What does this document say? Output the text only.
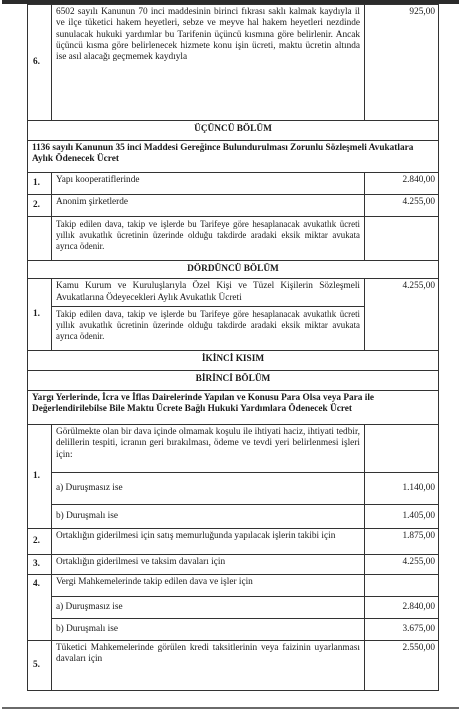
6.	6502 sayılı Kanunun 70 inci maddesinin birinci fıkrası saklı kalmak kaydıyla il ve ilçe tüketici hakem heyetleri, sebze ve meyve hal hakem heyetleri nezdinde sunulacak hukuki yardımlar bu Tarifenin üçüncü kısmına göre belirlenir. Ancak üçüncü kısma göre belirlenecek hizmete konu işin ücreti, maktu ücretin altında ise asıl alacağı geçmemek kaydıyla	925,00
ÜÇÜNCÜ BÖLÜM		
1136 sayılı Kanunun 35 inci Maddesi Gereğince Bulundurulması Zorunlu Sözleşmeli Avukatlara Aylık Ödenecek Ücret		
1.	Yapı kooperatiflerinde	2.840,00
2.	Anonim şirketlerde	4.255,00
	Takip edilen dava, takip ve işlerde bu Tarifeye göre hesaplanacak avukatlık ücreti yıllık avukatlık ücretinin üzerinde olduğu takdirde aradaki eksik miktar avukata ayrıca ödenir.	
DÖRDÜNCÜ BÖLÜM		
1.	Kamu Kurum ve Kuruluşlarıyla Özel Kişi ve Tüzel Kişilerin Sözleşmeli Avukatlarına Ödeyecekleri Aylık Avukatlık Ücreti	4.255,00
	Takip edilen dava, takip ve işlerde bu Tarifeye göre hesaplanacak avukatlık ücreti yıllık avukatlık ücretinin üzerinde olduğu takdirde aradaki eksik miktar avukata ayrıca ödenir.	
İKİNCİ KISIM		
BİRİNCİ BÖLÜM		
Yargı Yerlerinde, İcra ve İflas Dairelerinde Yapılan ve Konusu Para Olsa veya Para ile Değerlendirilebilse Bile Maktu Ücrete Bağlı Hukuki Yardımlara Ödenecek Ücret		
1.	Görülmekte olan bir dava içinde olmamak koşulu ile ihtiyati haciz, ihtiyati tedbir, delillerin tespiti, icranın geri bırakılması, ödeme ve tevdi yeri belirlenmesi işleri için:	
	a) Duruşmasız ise	1.140,00
	b) Duruşmalı ise	1.405,00
2.	Ortaklığın giderilmesi için satış memurluğunda yapılacak işlerin takibi için	1.875,00
3.	Ortaklığın giderilmesi ve taksim davaları için	4.255,00
4.	Vergi Mahkemelerinde takip edilen dava ve işler için	
	a) Duruşmasız ise	2.840,00
	b) Duruşmalı ise	3.675,00
5.	Tüketici Mahkemelerinde görülen kredi taksitlerinin veya faizinin uyarlanması davaları için	2.550,00
